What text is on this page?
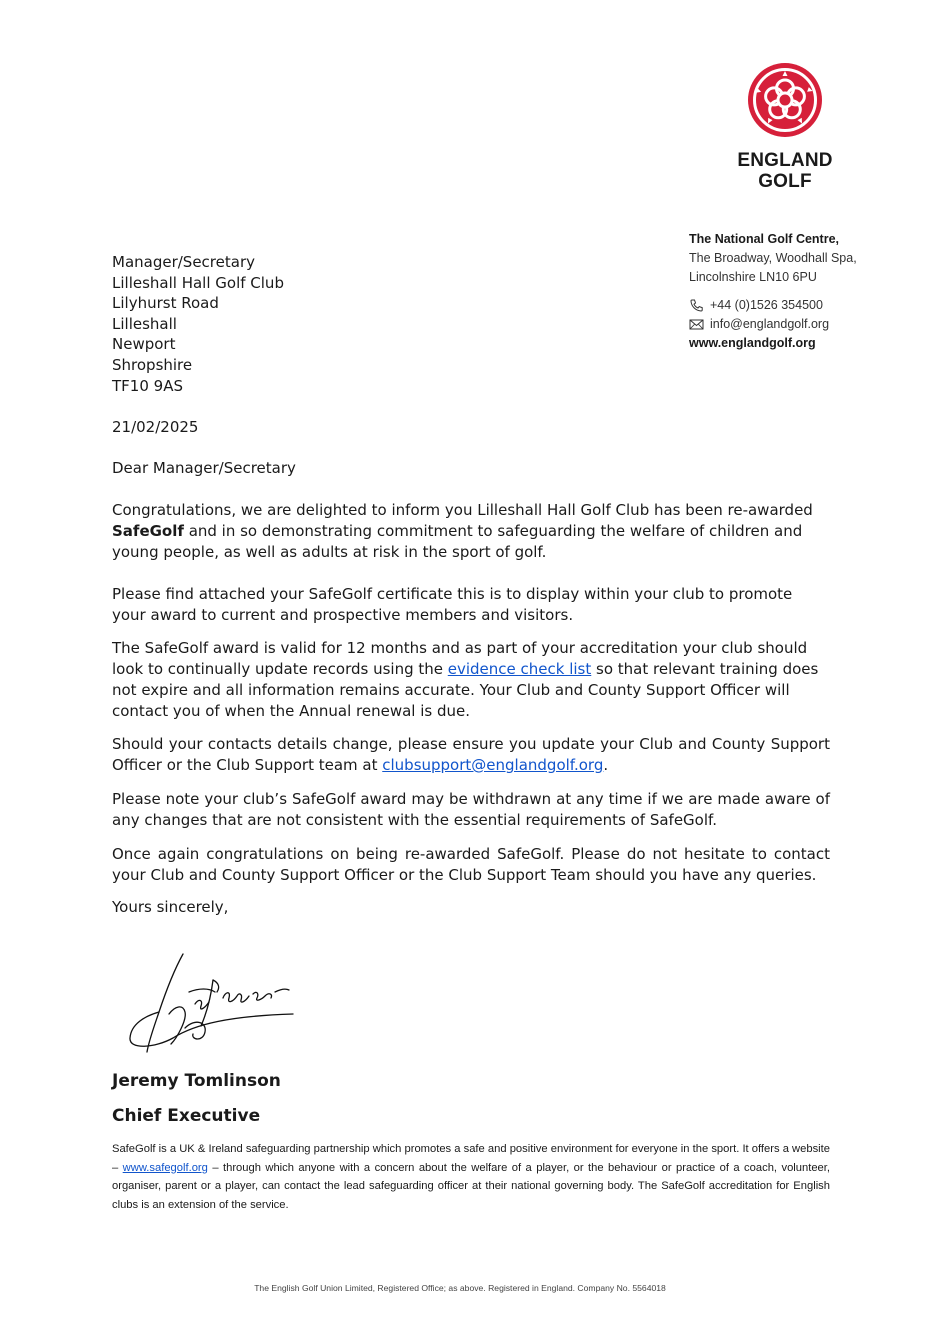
ENGLAND
GOLF
The National Golf Centre,
The Broadway, Woodhall Spa,
Lincolnshire LN10 6PU
+44 (0)1526 354500
info@englandgolf.org
www.englandgolf.org
Manager/Secretary
Lilleshall Hall Golf Club
Lilyhurst Road
Lilleshall
Newport
Shropshire
TF10 9AS
21/02/2025
Dear Manager/Secretary

Congratulations, we are delighted to inform you Lilleshall Hall Golf Club has been re-awarded SafeGolf and in so demonstrating commitment to safeguarding the welfare of children and young people, as well as adults at risk in the sport of golf.

Please find attached your SafeGolf certificate this is to display within your club to promote your award to current and prospective members and visitors.

The SafeGolf award is valid for 12 months and as part of your accreditation your club should look to continually update records using the evidence check list so that relevant training does not expire and all information remains accurate. Your Club and County Support Officer will contact you of when the Annual renewal is due.

Should your contacts details change, please ensure you update your Club and County Support Officer or the Club Support team at clubsupport@englandgolf.org.

Please note your club’s SafeGolf award may be withdrawn at any time if we are made aware of any changes that are not consistent with the essential requirements of SafeGolf.

Once again congratulations on being re-awarded SafeGolf. Please do not hesitate to contact your Club and County Support Officer or the Club Support Team should you have any queries.

Yours sincerely,

Jeremy Tomlinson
Chief Executive
SafeGolf is a UK & Ireland safeguarding partnership which promotes a safe and positive environment for everyone in the sport. It offers a website – www.safegolf.org – through which anyone with a concern about the welfare of a player, or the behaviour or practice of a coach, volunteer, organiser, parent or a player, can contact the lead safeguarding officer at their national governing body. The SafeGolf accreditation for English clubs is an extension of the service.
The English Golf Union Limited, Registered Office; as above. Registered in England. Company No. 5564018
